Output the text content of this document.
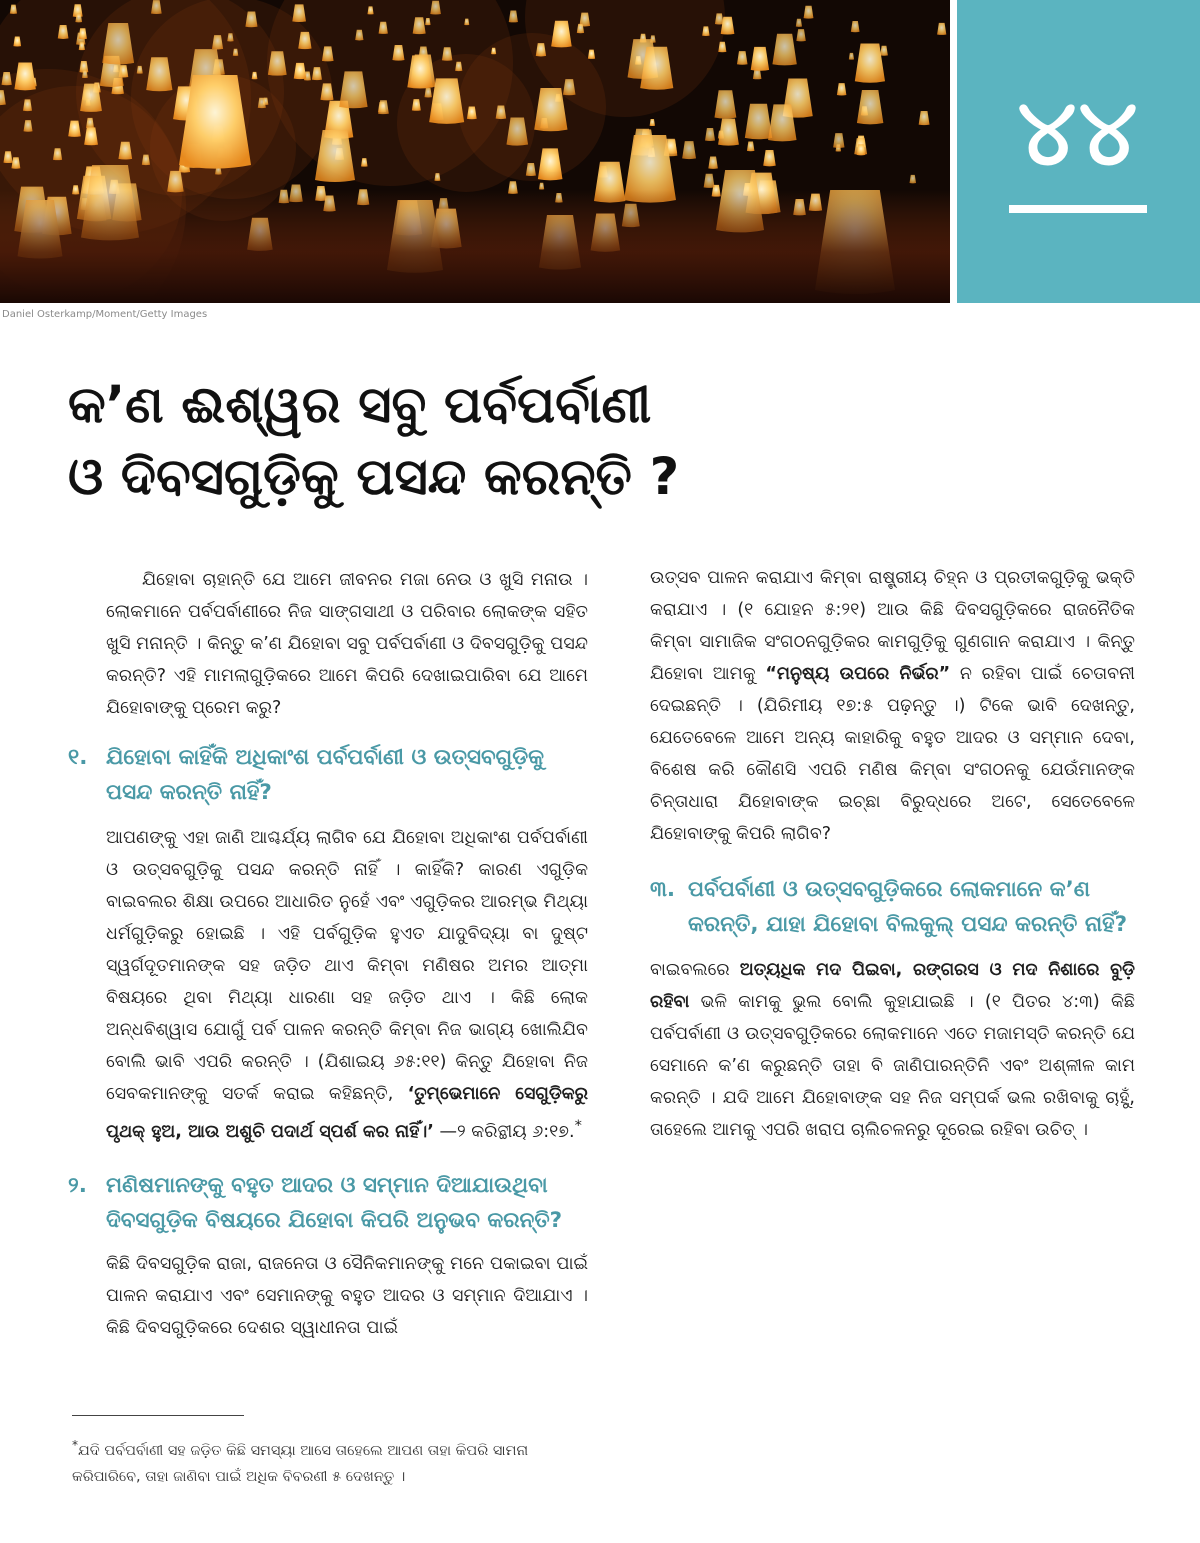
୪୪
Daniel Osterkamp/Moment/Getty Images
କ’ଣ ଈଶ୍ୱର ସବୁ ପର୍ବପର୍ବାଣୀ
ଓ ଦିବସଗୁଡ଼ିକୁ ପସନ୍ଦ କରନ୍ତି ?

ଯିହୋବା ଚାହାନ୍ତି ଯେ ଆମେ ଜୀବନର ମଜା ନେଉ ଓ ଖୁସି ମନାଉ । ଲୋକମାନେ ପର୍ବପର୍ବାଣୀରେ ନିଜ ସାଙ୍ଗସାଥୀ ଓ ପରିବାର ଲୋକଙ୍କ ସହିତ ଖୁସି ମନାନ୍ତି । କିନ୍ତୁ କ’ଣ ଯିହୋବା ସବୁ ପର୍ବପର୍ବାଣୀ ଓ ଦିବସଗୁଡ଼ିକୁ ପସନ୍ଦ କରନ୍ତି? ଏହି ମାମଲାଗୁଡ଼ିକରେ ଆମେ କିପରି ଦେଖାଇପାରିବା ଯେ ଆମେ ଯିହୋବାଙ୍କୁ ପ୍ରେମ କରୁ?

୧. ଯିହୋବା କାହିଁକି ଅଧିକାଂଶ ପର୍ବପର୍ବାଣୀ ଓ ଉତ୍ସବଗୁଡ଼ିକୁ ପସନ୍ଦ କରନ୍ତି ନାହିଁ?

ଆପଣଙ୍କୁ ଏହା ଜାଣି ଆଶ୍ଚର୍ଯ୍ୟ ଲାଗିବ ଯେ ଯିହୋବା ଅଧିକାଂଶ ପର୍ବପର୍ବାଣୀ ଓ ଉତ୍ସବଗୁଡ଼ିକୁ ପସନ୍ଦ କରନ୍ତି ନାହିଁ । କାହିଁକି? କାରଣ ଏଗୁଡ଼ିକ ବାଇବଲର ଶିକ୍ଷା ଉପରେ ଆଧାରିତ ନୁହେଁ ଏବଂ ଏଗୁଡ଼ିକର ଆରମ୍ଭ ମିଥ୍ୟା ଧର୍ମଗୁଡ଼ିକରୁ ହୋଇଛି । ଏହି ପର୍ବଗୁଡ଼ିକ ହୁଏତ ଯାଦୁବିଦ୍ୟା ବା ଦୁଷ୍ଟ ସ୍ୱର୍ଗଦୂତମାନଙ୍କ ସହ ଜଡ଼ିତ ଥାଏ କିମ୍ବା ମଣିଷର ଅମର ଆତ୍ମା ବିଷୟରେ ଥିବା ମିଥ୍ୟା ଧାରଣା ସହ ଜଡ଼ିତ ଥାଏ । କିଛି ଲୋକ ଅନ୍ଧବିଶ୍ୱାସ ଯୋଗୁଁ ପର୍ବ ପାଳନ କରନ୍ତି କିମ୍ବା ନିଜ ଭାଗ୍ୟ ଖୋଲିଯିବ ବୋଲି ଭାବି ଏପରି କରନ୍ତି । (ଯିଶାଇୟ ୬୫:୧୧) କିନ୍ତୁ ଯିହୋବା ନିଜ ସେବକମାନଙ୍କୁ ସତର୍କ କରାଇ କହିଛନ୍ତି, ‘ତୁମ୍ଭେମାନେ ସେଗୁଡ଼ିକରୁ ପୃଥକ୍‌ ହୁଅ, ଆଉ ଅଶୁଚି ପଦାର୍ଥ ସ୍ପର୍ଶ କର ନାହିଁ।’ —୨ କରିନ୍ଥୀୟ ୬:୧୭.*

୨. ମଣିଷମାନଙ୍କୁ ବହୁତ ଆଦର ଓ ସମ୍ମାନ ଦିଆଯାଉଥିବା ଦିବସଗୁଡ଼ିକ ବିଷୟରେ ଯିହୋବା କିପରି ଅନୁଭବ କରନ୍ତି?

କିଛି ଦିବସଗୁଡ଼ିକ ରାଜା, ରାଜନେତା ଓ ସୈନିକମାନଙ୍କୁ ମନେ ପକାଇବା ପାଇଁ ପାଳନ କରାଯାଏ ଏବଂ ସେମାନଙ୍କୁ ବହୁତ ଆଦର ଓ ସମ୍ମାନ ଦିଆଯାଏ । କିଛି ଦିବସଗୁଡ଼ିକରେ ଦେଶର ସ୍ୱାଧୀନତା ପାଇଁ

ଉତ୍ସବ ପାଳନ କରାଯାଏ କିମ୍ବା ରାଷ୍ଟ୍ରୀୟ ଚିହ୍ନ ଓ ପ୍ରତୀକଗୁଡ଼ିକୁ ଭକ୍ତି କରାଯାଏ । (୧ ଯୋହନ ୫:୨୧) ଆଉ କିଛି ଦିବସଗୁଡ଼ିକରେ ରାଜନୈତିକ କିମ୍ବା ସାମାଜିକ ସଂଗଠନଗୁଡ଼ିକର କାମଗୁଡ଼ିକୁ ଗୁଣଗାନ କରାଯାଏ । କିନ୍ତୁ ଯିହୋବା ଆମକୁ “ମନୁଷ୍ୟ ଉପରେ ନିର୍ଭର” ନ ରହିବା ପାଇଁ ଚେତାବନୀ ଦେଇଛନ୍ତି । (ଯିରିମୀୟ ୧୭:୫ ପଢ଼ନ୍ତୁ ।) ଟିକେ ଭାବି ଦେଖନ୍ତୁ, ଯେତେବେଳେ ଆମେ ଅନ୍ୟ କାହାରିକୁ ବହୁତ ଆଦର ଓ ସମ୍ମାନ ଦେବା, ବିଶେଷ କରି କୌଣସି ଏପରି ମଣିଷ କିମ୍ବା ସଂଗଠନକୁ ଯେଉଁମାନଙ୍କ ଚିନ୍ତାଧାରା ଯିହୋବାଙ୍କ ଇଚ୍ଛା ବିରୁଦ୍ଧରେ ଅଟେ, ସେତେବେଳେ ଯିହୋବାଙ୍କୁ କିପରି ଲାଗିବ?

୩. ପର୍ବପର୍ବାଣୀ ଓ ଉତ୍ସବଗୁଡ଼ିକରେ ଲୋକମାନେ କ’ଣ କରନ୍ତି, ଯାହା ଯିହୋବା ବିଲକୁଲ୍‌ ପସନ୍ଦ କରନ୍ତି ନାହିଁ?

ବାଇବଲରେ ଅତ୍ୟଧିକ ମଦ ପିଇବା, ରଙ୍ଗରସ ଓ ମଦ ନିଶାରେ ବୁଡ଼ି ରହିବା ଭଳି କାମକୁ ଭୁଲ ବୋଲି କୁହାଯାଇଛି । (୧ ପିତର ୪:୩) କିଛି ପର୍ବପର୍ବାଣୀ ଓ ଉତ୍ସବଗୁଡ଼ିକରେ ଲୋକମାନେ ଏତେ ମଜାମସ୍ତି କରନ୍ତି ଯେ ସେମାନେ କ’ଣ କରୁଛନ୍ତି ତାହା ବି ଜାଣିପାରନ୍ତିନି ଏବଂ ଅଶ୍ଳୀଳ କାମ କରନ୍ତି । ଯଦି ଆମେ ଯିହୋବାଙ୍କ ସହ ନିଜ ସମ୍ପର୍କ ଭଲ ରଖିବାକୁ ଚାହୁଁ, ତାହେଲେ ଆମକୁ ଏପରି ଖରାପ ଚାଲିଚଳନରୁ ଦୂରେଇ ରହିବା ଉଚିତ୍‌ ।

*ଯଦି ପର୍ବପର୍ବାଣୀ ସହ ଜଡ଼ିତ କିଛି ସମସ୍ୟା ଆସେ ତାହେଲେ ଆପଣ ତାହା କିପରି ସାମନା କରିପାରିବେ, ତାହା ଜାଣିବା ପାଇଁ ଅଧିକ ବିବରଣୀ ୫ ଦେଖନ୍ତୁ ।
